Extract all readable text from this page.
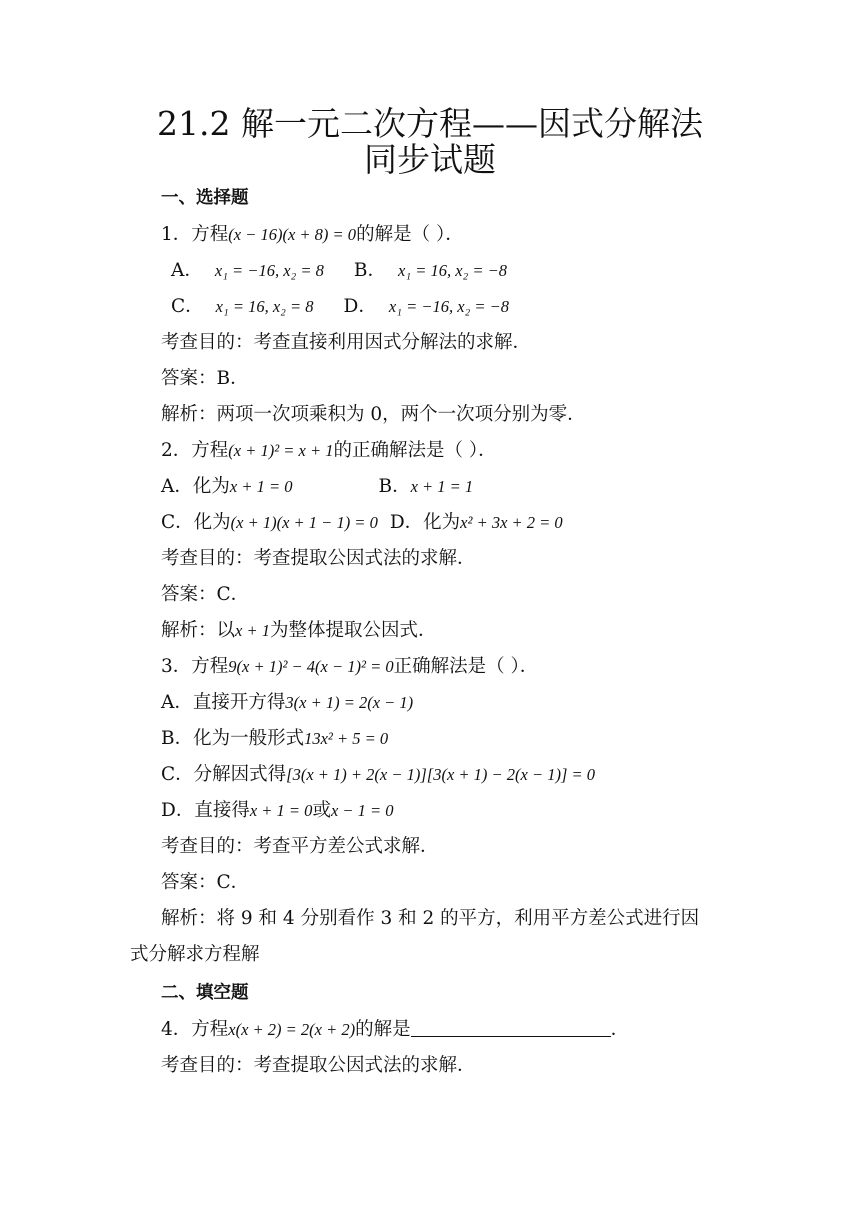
21.2 解一元二次方程——因式分解法
同步试题
一、选择题
1．方程(x − 16)(x + 8) = 0的解是（ ）．
A． x₁ = −16, x₂ = 8 B． x₁ = 16, x₂ = −8
C． x₁ = 16, x₂ = 8 D． x₁ = −16, x₂ = −8
考查目的：考查直接利用因式分解法的求解．
答案：B．
解析：两项一次项乘积为 0，两个一次项分别为零．
2．方程(x + 1)² = x + 1的正确解法是（ ）．
A．化为x + 1 = 0	B．x + 1 = 1
C．化为(x + 1)(x + 1 − 1) = 0 D．化为x² + 3x + 2 = 0
考查目的：考查提取公因式法的求解．
答案：C．
解析：以x + 1为整体提取公因式．
3．方程9(x + 1)² − 4(x − 1)² = 0正确解法是（ ）．
A．直接开方得3(x + 1) = 2(x − 1)
B．化为一般形式13x² + 5 = 0
C．分解因式得[3(x + 1) + 2(x − 1)][3(x + 1) − 2(x − 1)] = 0
D．直接得x + 1 = 0或x − 1 = 0
考查目的：考查平方差公式求解．
答案：C．
解析：将 9 和 4 分别看作 3 和 2 的平方，利用平方差公式进行因
式分解求方程解
二、填空题
4．方程x(x + 2) = 2(x + 2)的解是	．
考查目的：考查提取公因式法的求解．
